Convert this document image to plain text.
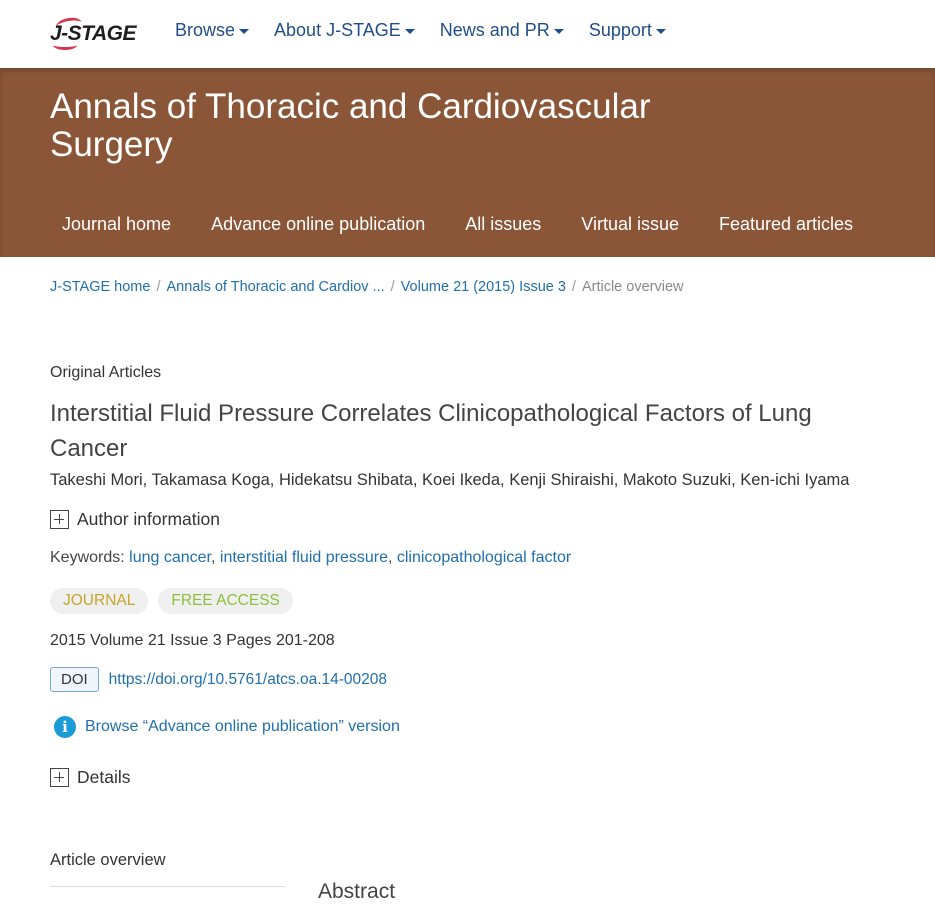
J-STAGE Browse About J-STAGE News and PR Support
Annals of Thoracic and Cardiovascular Surgery
Journal home	Advance online publication	All issues	Virtual issue	Featured articles
J-STAGE home / Annals of Thoracic and Cardiov ... / Volume 21 (2015) Issue 3 / Article overview
Original Articles
Interstitial Fluid Pressure Correlates Clinicopathological Factors of Lung Cancer
Takeshi Mori, Takamasa Koga, Hidekatsu Shibata, Koei Ikeda, Kenji Shiraishi, Makoto Suzuki, Ken-ichi Iyama
Author information
Keywords: lung cancer, interstitial fluid pressure, clinicopathological factor
JOURNAL	FREE ACCESS
2015 Volume 21 Issue 3 Pages 201-208
DOI	https://doi.org/10.5761/atcs.oa.14-00208
i	Browse “Advance online publication” version
Details
Article overview
Abstract
